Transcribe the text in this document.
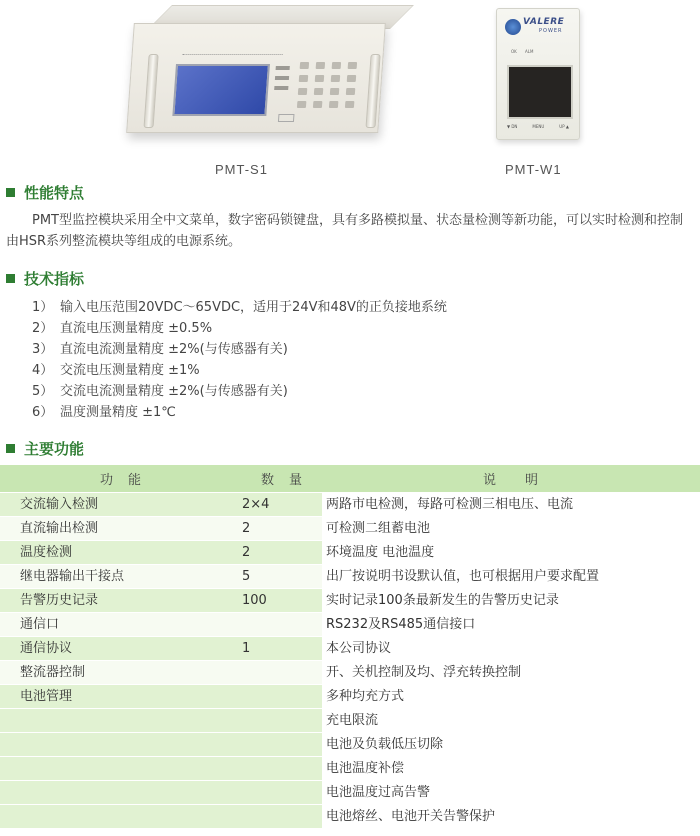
PMT-S1
VALERE
POWER
OK ALM
▼ DN	MENU	UP ▲
PMT-W1
性能特点
PMT型监控模块采用全中文菜单，数字密码锁键盘，具有多路模拟量、状态量检测等新功能，可以实时检测和控制由HSR系列整流模块等组成的电源系统。
技术指标
1） 输入电压范围20VDC～65VDC，适用于24V和48V的正负接地系统
2） 直流电压测量精度 ±0.5%
3） 直流电流测量精度 ±2%(与传感器有关)
4） 交流电压测量精度 ±1%
5） 交流电流测量精度 ±2%(与传感器有关)
6） 温度测量精度 ±1℃
主要功能
功　能	数　量	说　　明
交流输入检测	2×4	两路市电检测，每路可检测三相电压、电流
直流输出检测	2	可检测二组蓄电池
温度检测	2	环境温度 电池温度
继电器输出干接点	5	出厂按说明书设默认值，也可根据用户要求配置
告警历史记录	100	实时记录100条最新发生的告警历史记录
通信口		RS232及RS485通信接口
通信协议	1	本公司协议
整流器控制		开、关机控制及均、浮充转换控制
电池管理		多种均充方式
		充电限流
		电池及负载低压切除
		电池温度补偿
		电池温度过高告警
		电池熔丝、电池开关告警保护
